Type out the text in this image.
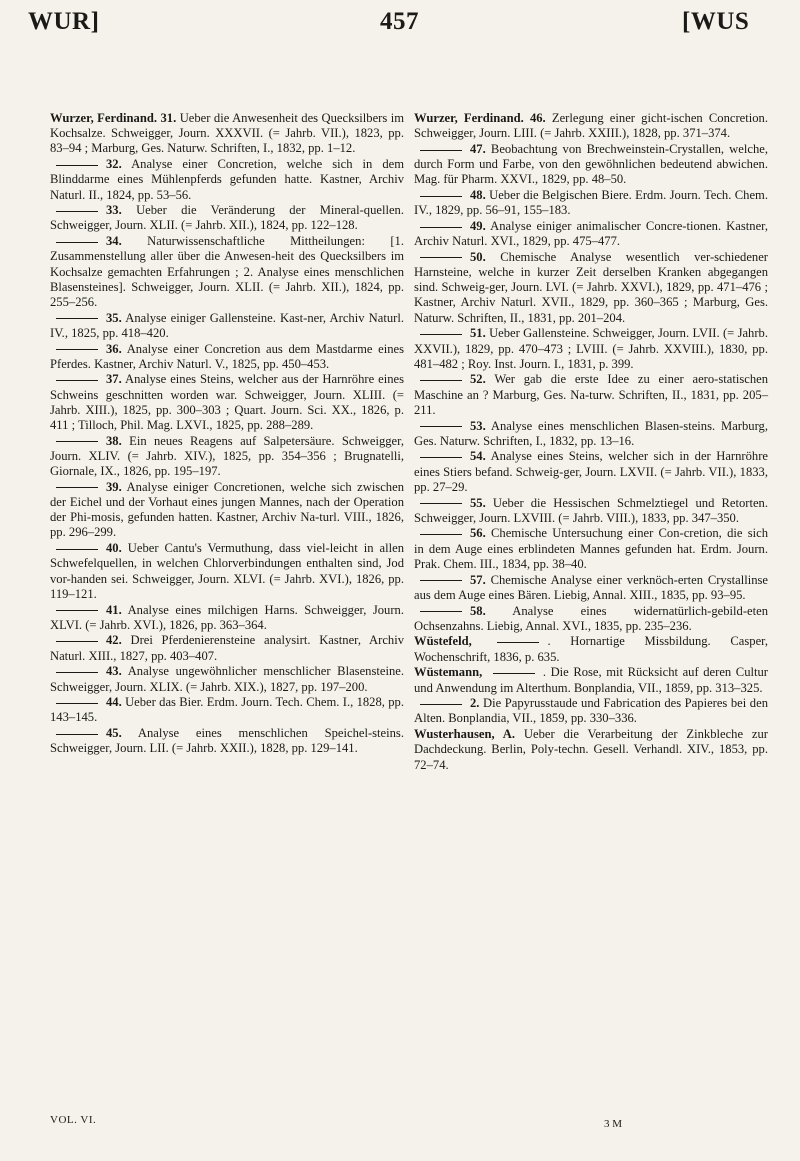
WUR]	457	[WUS

Wurzer, Ferdinand. 31. Ueber die Anwesenheit des Quecksilbers im Kochsalze. Schweigger, Journ. XXXVII. (= Jahrb. VII.), 1823, pp. 83–94 ; Marburg, Ges. Naturw. Schriften, I., 1832, pp. 1–12.

32. Analyse einer Concretion, welche sich in dem Blinddarme eines Mühlenpferds gefunden hatte. Kastner, Archiv Naturl. II., 1824, pp. 53–56.

33. Ueber die Veränderung der Mineral-quellen. Schweigger, Journ. XLII. (= Jahrb. XII.), 1824, pp. 122–128.

34. Naturwissenschaftliche Mittheilungen: [1. Zusammenstellung aller über die Anwesen-heit des Quecksilbers im Kochsalze gemachten Erfahrungen ; 2. Analyse eines menschlichen Blasensteines]. Schweigger, Journ. XLII. (= Jahrb. XII.), 1824, pp. 255–256.

35. Analyse einiger Gallensteine. Kast-ner, Archiv Naturl. IV., 1825, pp. 418–420.

36. Analyse einer Concretion aus dem Mastdarme eines Pferdes. Kastner, Archiv Naturl. V., 1825, pp. 450–453.

37. Analyse eines Steins, welcher aus der Harnröhre eines Schweins geschnitten worden war. Schweigger, Journ. XLIII. (= Jahrb. XIII.), 1825, pp. 300–303 ; Quart. Journ. Sci. XX., 1826, p. 411 ; Tilloch, Phil. Mag. LXVI., 1825, pp. 288–289.

38. Ein neues Reagens auf Salpetersäure. Schweigger, Journ. XLIV. (= Jahrb. XIV.), 1825, pp. 354–356 ; Brugnatelli, Giornale, IX., 1826, pp. 195–197.

39. Analyse einiger Concretionen, welche sich zwischen der Eichel und der Vorhaut eines jungen Mannes, nach der Operation der Phi-mosis, gefunden hatten. Kastner, Archiv Na-turl. VIII., 1826, pp. 296–299.

40. Ueber Cantu's Vermuthung, dass viel-leicht in allen Schwefelquellen, in welchen Chlorverbindungen enthalten sind, Jod vor-handen sei. Schweigger, Journ. XLVI. (= Jahrb. XVI.), 1826, pp. 119–121.

41. Analyse eines milchigen Harns. Schweigger, Journ. XLVI. (= Jahrb. XVI.), 1826, pp. 363–364.

42. Drei Pferdenierensteine analysirt. Kastner, Archiv Naturl. XIII., 1827, pp. 403–407.

43. Analyse ungewöhnlicher menschlicher Blasensteine. Schweigger, Journ. XLIX. (= Jahrb. XIX.), 1827, pp. 197–200.

44. Ueber das Bier. Erdm. Journ. Tech. Chem. I., 1828, pp. 143–145.

45. Analyse eines menschlichen Speichel-steins. Schweigger, Journ. LII. (= Jahrb. XXII.), 1828, pp. 129–141.

Wurzer, Ferdinand. 46. Zerlegung einer gicht-ischen Concretion. Schweigger, Journ. LIII. (= Jahrb. XXIII.), 1828, pp. 371–374.

47. Beobachtung von Brechweinstein-Crystallen, welche, durch Form und Farbe, von den gewöhnlichen bedeutend abwichen. Mag. für Pharm. XXVI., 1829, pp. 48–50.

48. Ueber die Belgischen Biere. Erdm. Journ. Tech. Chem. IV., 1829, pp. 56–91, 155–183.

49. Analyse einiger animalischer Concre-tionen. Kastner, Archiv Naturl. XVI., 1829, pp. 475–477.

50. Chemische Analyse wesentlich ver-schiedener Harnsteine, welche in kurzer Zeit derselben Kranken abgegangen sind. Schweig-ger, Journ. LVI. (= Jahrb. XXVI.), 1829, pp. 471–476 ; Kastner, Archiv Naturl. XVII., 1829, pp. 360–365 ; Marburg, Ges. Naturw. Schriften, II., 1831, pp. 201–204.

51. Ueber Gallensteine. Schweigger, Journ. LVII. (= Jahrb. XXVII.), 1829, pp. 470–473 ; LVIII. (= Jahrb. XXVIII.), 1830, pp. 481–482 ; Roy. Inst. Journ. I., 1831, p. 399.

52. Wer gab die erste Idee zu einer aero-statischen Maschine an ? Marburg, Ges. Na-turw. Schriften, II., 1831, pp. 205–211.

53. Analyse eines menschlichen Blasen-steins. Marburg, Ges. Naturw. Schriften, I., 1832, pp. 13–16.

54. Analyse eines Steins, welcher sich in der Harnröhre eines Stiers befand. Schweig-ger, Journ. LXVII. (= Jahrb. VII.), 1833, pp. 27–29.

55. Ueber die Hessischen Schmelztiegel und Retorten. Schweigger, Journ. LXVIII. (= Jahrb. VIII.), 1833, pp. 347–350.

56. Chemische Untersuchung einer Con-cretion, die sich in dem Auge eines erblindeten Mannes gefunden hat. Erdm. Journ. Prak. Chem. III., 1834, pp. 38–40.

57. Chemische Analyse einer verknöch-erten Crystallinse aus dem Auge eines Bären. Liebig, Annal. XIII., 1835, pp. 93–95.

58. Analyse eines widernatürlich-gebild-eten Ochsenzahns. Liebig, Annal. XVI., 1835, pp. 235–236.

Wüstefeld,	. Hornartige Missbildung. Casper, Wochenschrift, 1836, p. 635.

Wüstemann,	. Die Rose, mit Rücksicht auf deren Cultur und Anwendung im Alterthum. Bonplandia, VII., 1859, pp. 313–325.

2. Die Papyrusstaude und Fabrication des Papieres bei den Alten. Bonplandia, VII., 1859, pp. 330–336.

Wusterhausen, A. Ueber die Verarbeitung der Zinkbleche zur Dachdeckung. Berlin, Poly-techn. Gesell. Verhandl. XIV., 1853, pp. 72–74.

VOL. VI.	3 M
